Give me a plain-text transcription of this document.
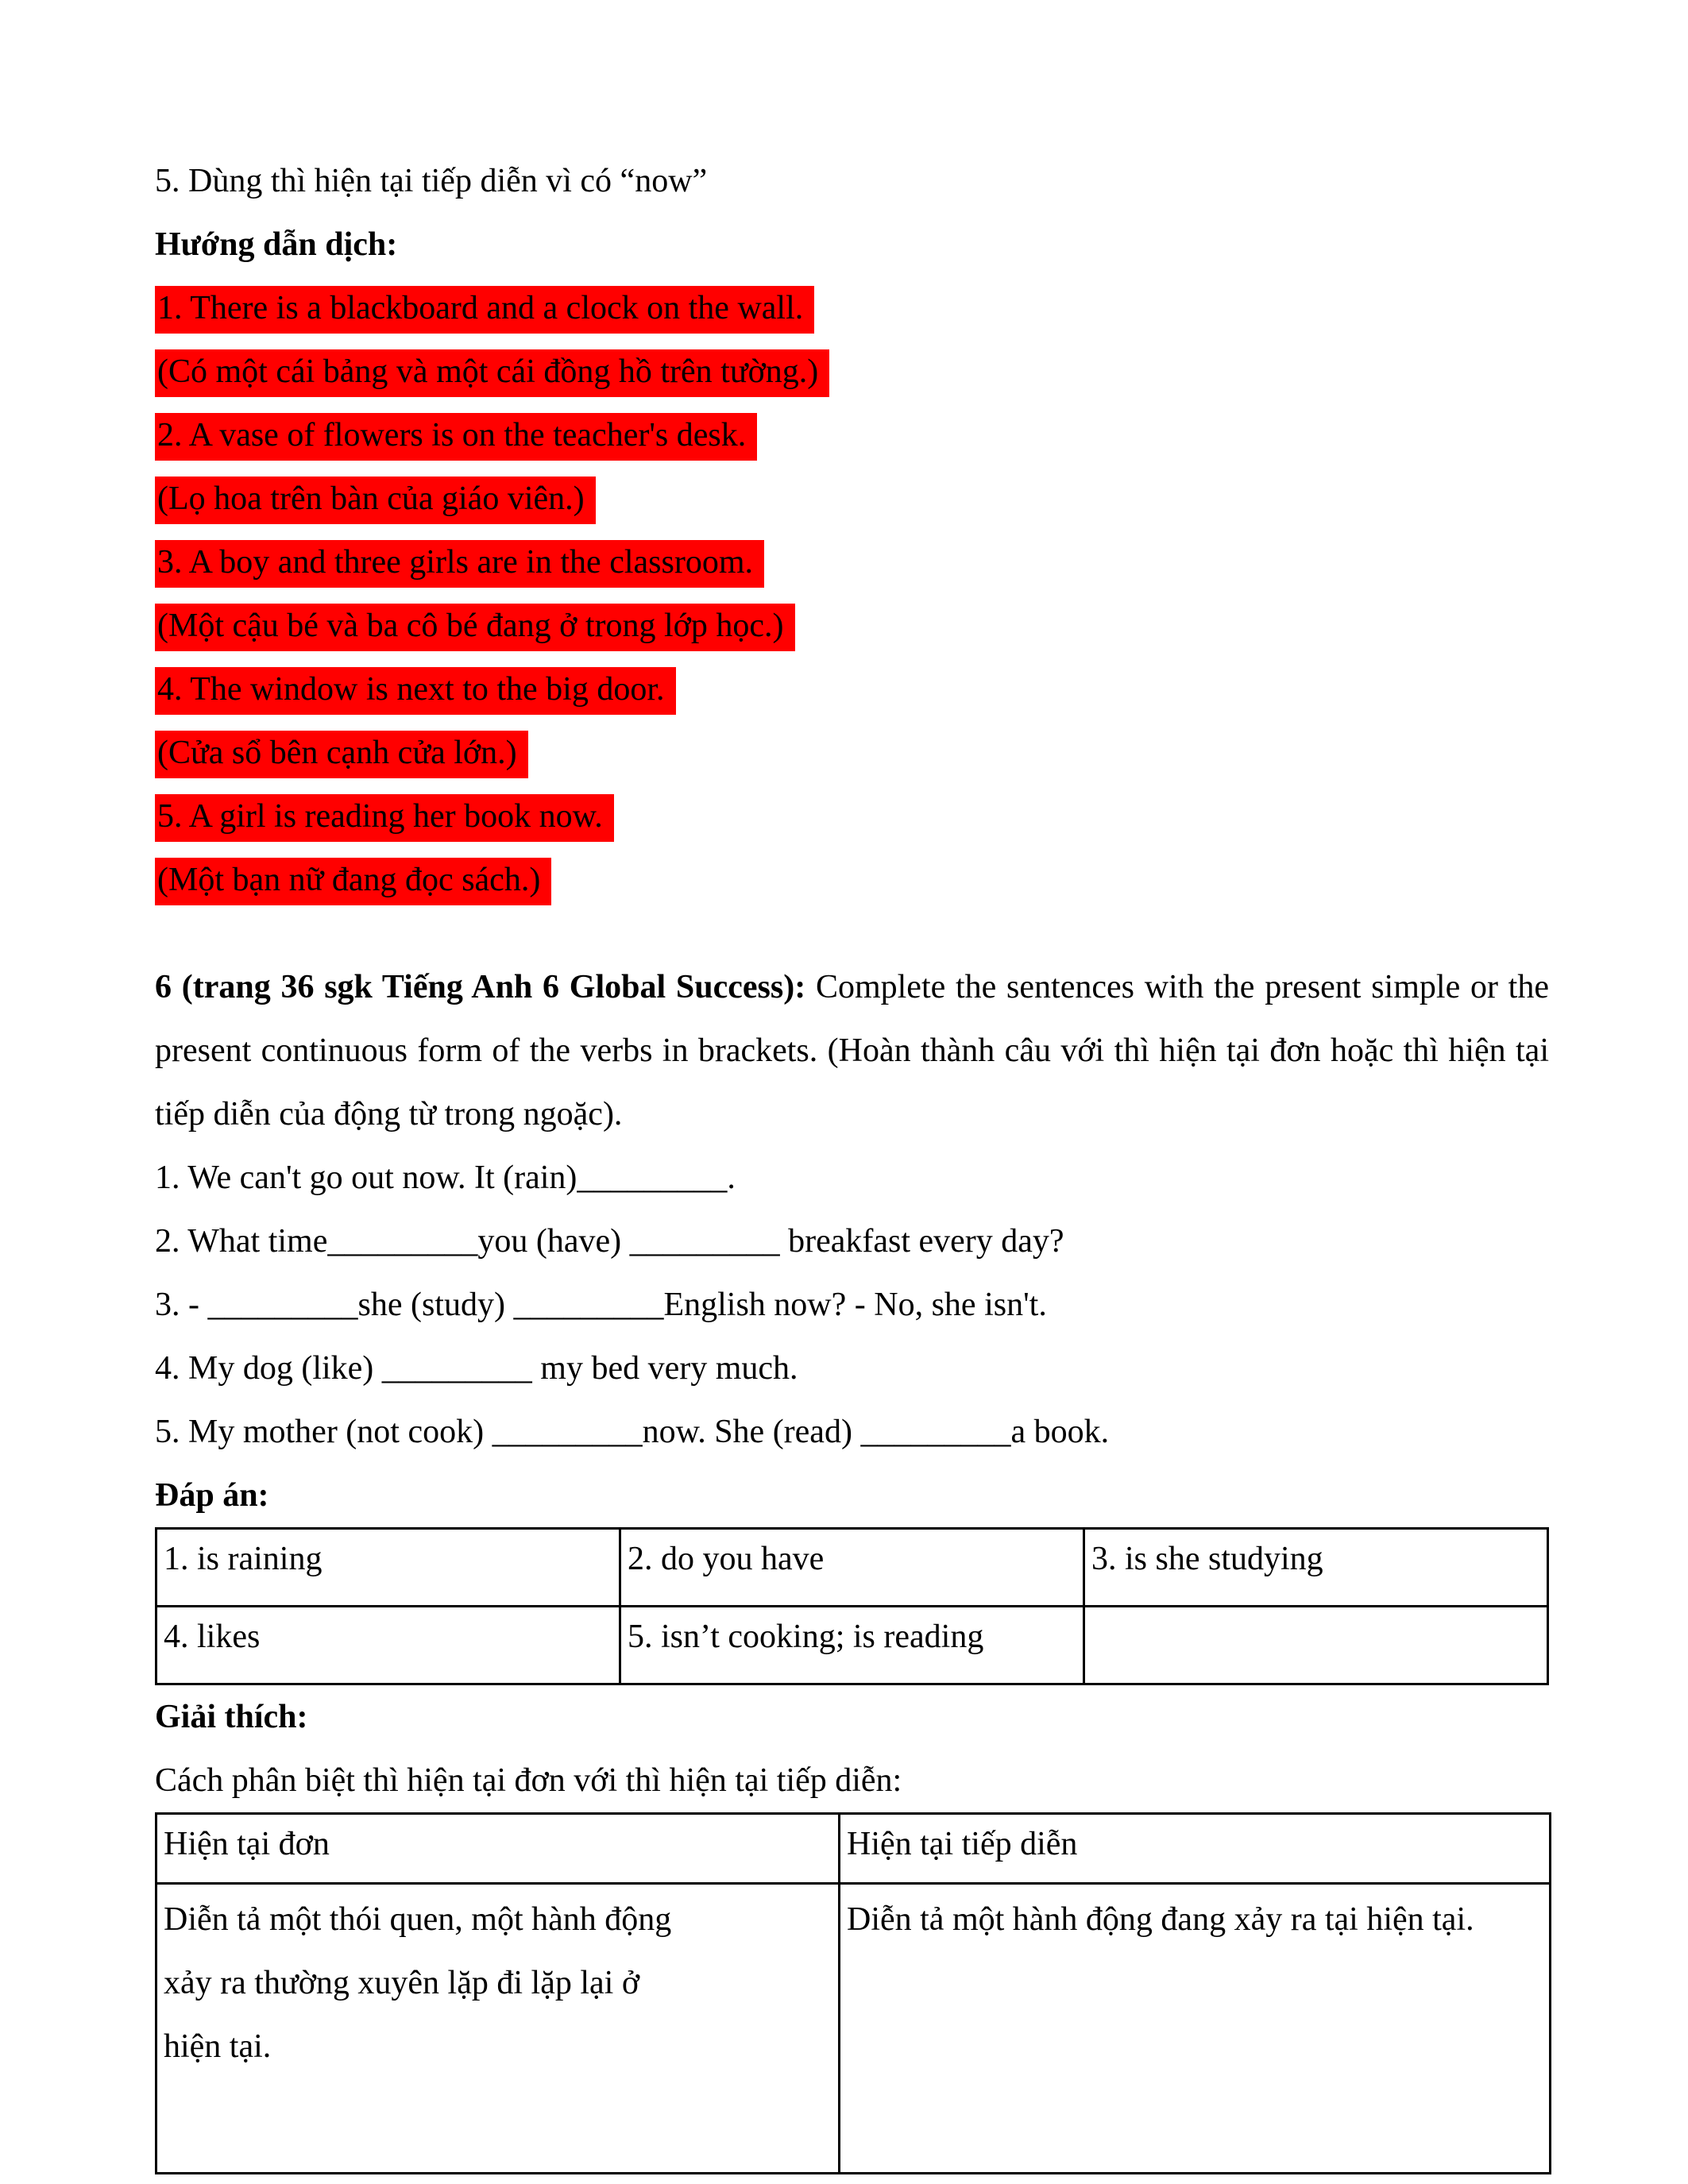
5. Dùng thì hiện tại tiếp diễn vì có “now”

Hướng dẫn dịch:

1. There is a blackboard and a clock on the wall.

(Có một cái bảng và một cái đồng hồ trên tường.)

2. A vase of flowers is on the teacher's desk.

(Lọ hoa trên bàn của giáo viên.)

3. A boy and three girls are in the classroom.

(Một cậu bé và ba cô bé đang ở trong lớp học.)

4. The window is next to the big door.

(Cửa sổ bên cạnh cửa lớn.)

5. A girl is reading her book now.

(Một bạn nữ đang đọc sách.)

6 (trang 36 sgk Tiếng Anh 6 Global Success): Complete the sentences with the present simple or the present continuous form of the verbs in brackets. (Hoàn thành câu với thì hiện tại đơn hoặc thì hiện tại tiếp diễn của động từ trong ngoặc).

1. We can't go out now. It (rain)_________.

2. What time_________you (have) _________ breakfast every day?

3. - _________she (study) _________English now? - No, she isn't.

4. My dog (like) _________ my bed very much.

5. My mother (not cook) _________now. She (read) _________a book.

Đáp án:

1. is raining	2. do you have	3. is she studying
4. likes	5. isn’t cooking; is reading	

Giải thích:

Cách phân biệt thì hiện tại đơn với thì hiện tại tiếp diễn:

Hiện tại đơn	Hiện tại tiếp diễn

Diễn tả một thói quen, một hành động xảy ra thường xuyên lặp đi lặp lại ở hiện tại.	Diễn tả một hành động đang xảy ra tại hiện tại.
